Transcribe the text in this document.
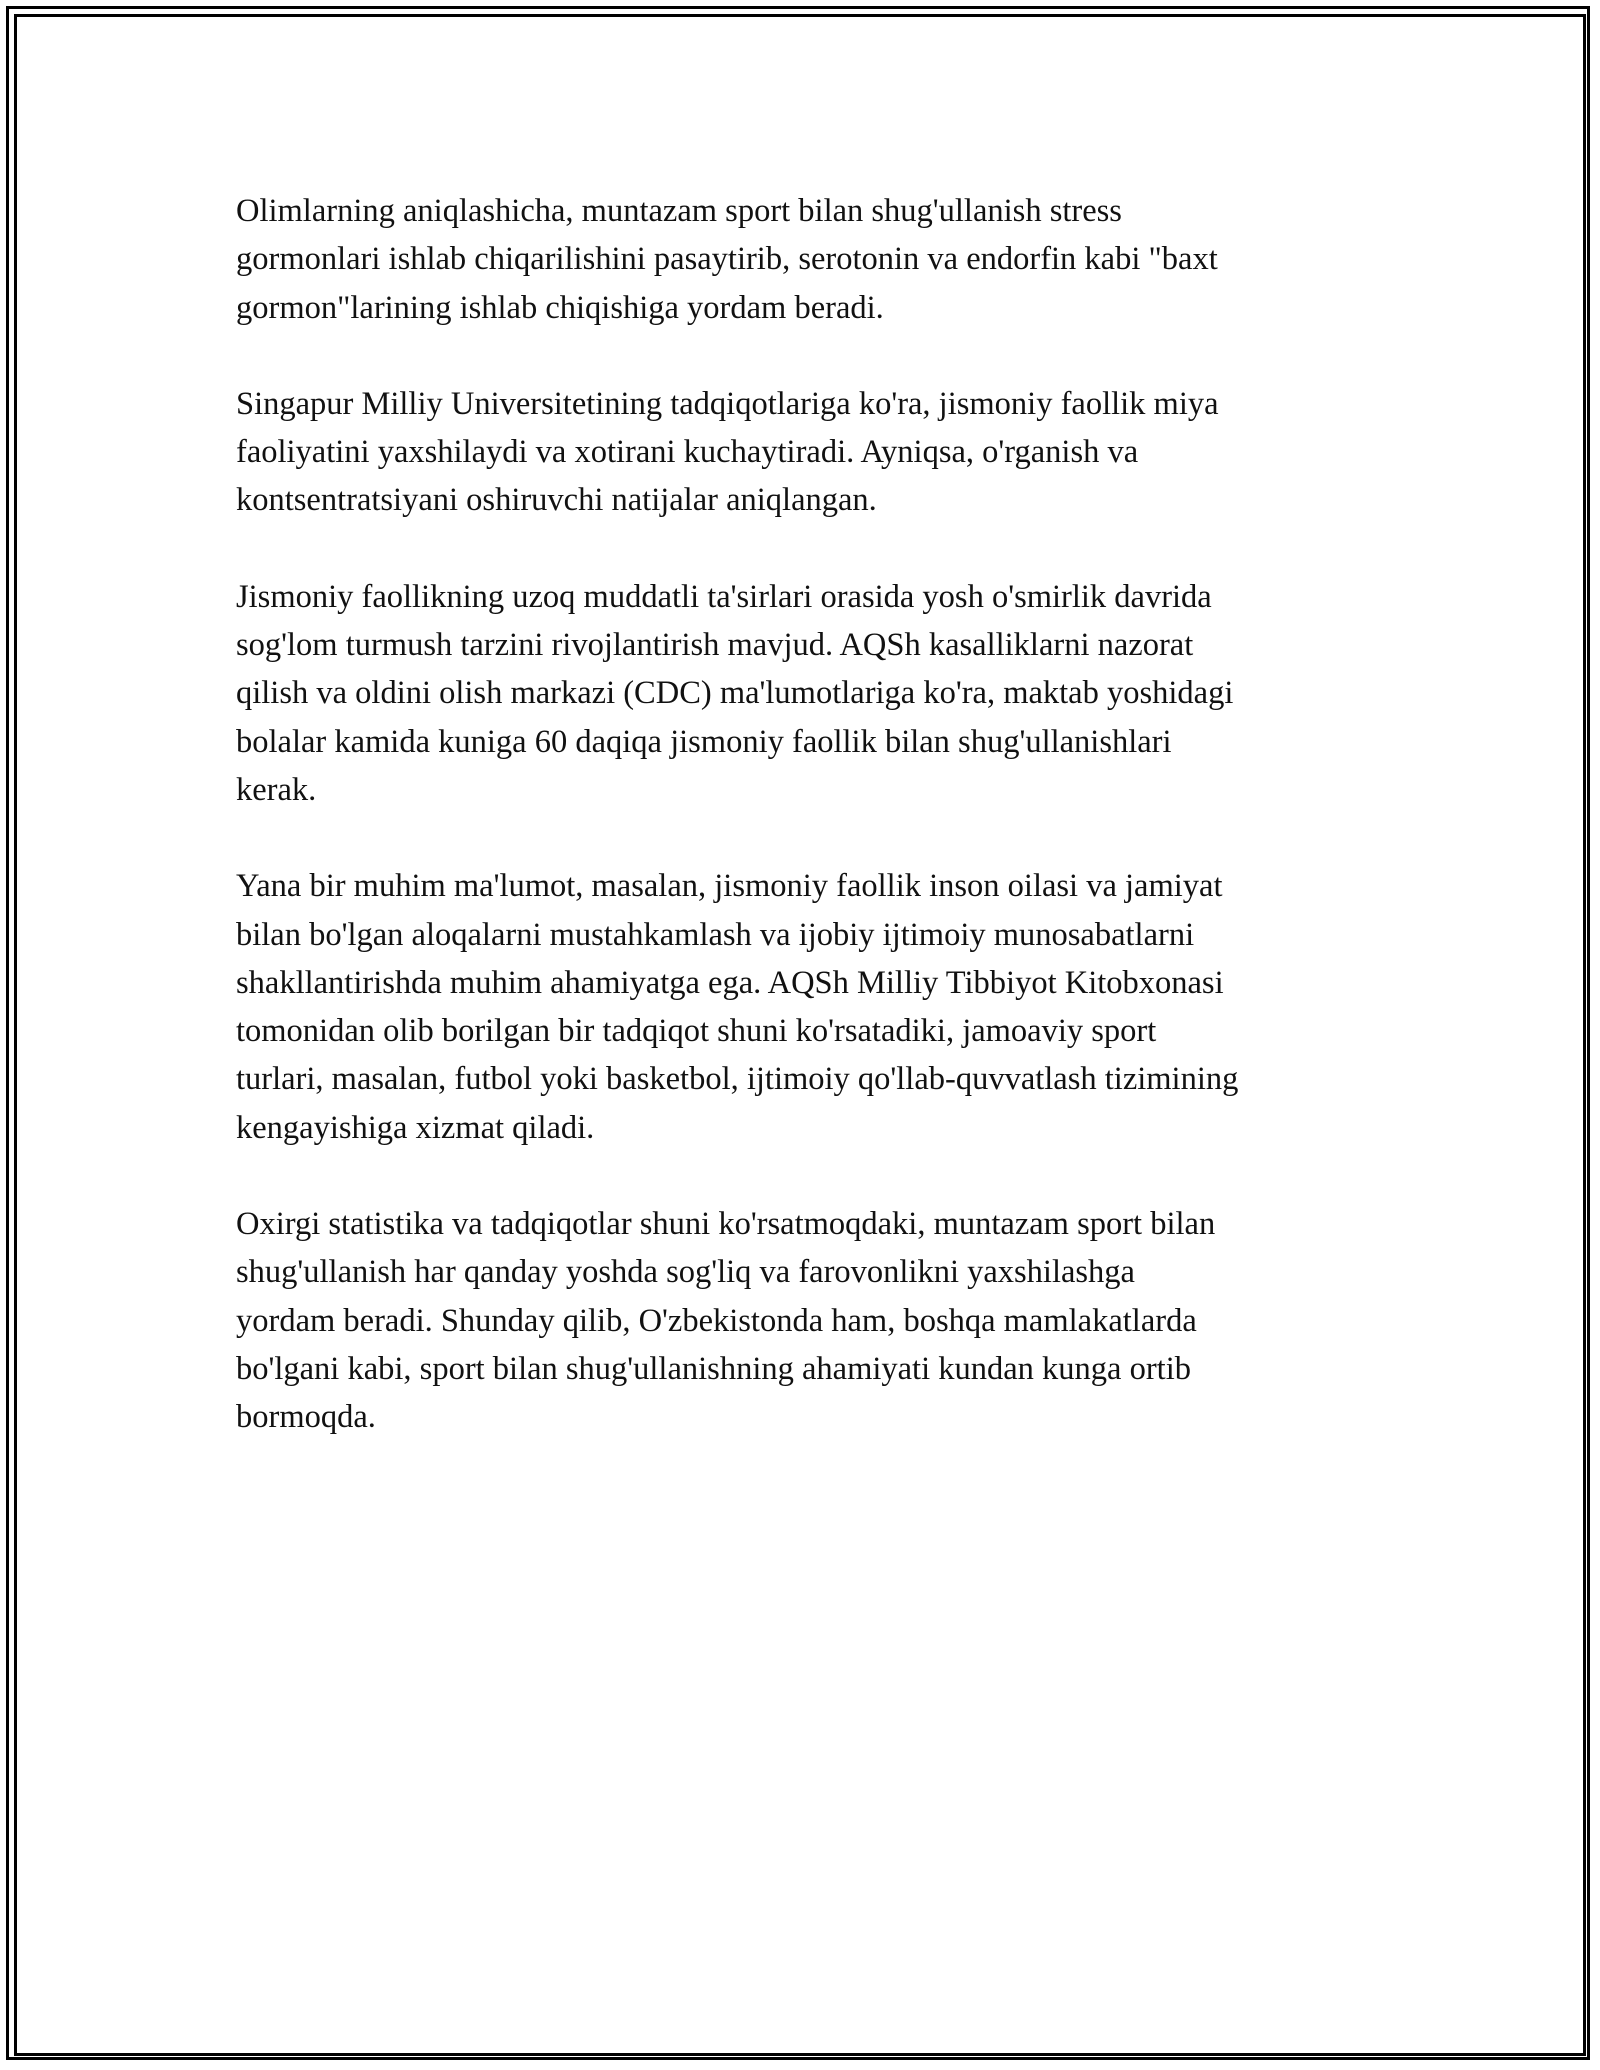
Olimlarning aniqlashicha, muntazam sport bilan shug'ullanish stress
gormonlari ishlab chiqarilishini pasaytirib, serotonin va endorfin kabi "baxt
gormon"larining ishlab chiqishiga yordam beradi.

Singapur Milliy Universitetining tadqiqotlariga ko'ra, jismoniy faollik miya
faoliyatini yaxshilaydi va xotirani kuchaytiradi. Ayniqsa, o'rganish va
kontsentratsiyani oshiruvchi natijalar aniqlangan.

Jismoniy faollikning uzoq muddatli ta'sirlari orasida yosh o'smirlik davrida
sog'lom turmush tarzini rivojlantirish mavjud. AQSh kasalliklarni nazorat
qilish va oldini olish markazi (CDC) ma'lumotlariga ko'ra, maktab yoshidagi
bolalar kamida kuniga 60 daqiqa jismoniy faollik bilan shug'ullanishlari
kerak.

Yana bir muhim ma'lumot, masalan, jismoniy faollik inson oilasi va jamiyat
bilan bo'lgan aloqalarni mustahkamlash va ijobiy ijtimoiy munosabatlarni
shakllantirishda muhim ahamiyatga ega. AQSh Milliy Tibbiyot Kitobxonasi
tomonidan olib borilgan bir tadqiqot shuni ko'rsatadiki, jamoaviy sport
turlari, masalan, futbol yoki basketbol, ijtimoiy qo'llab-quvvatlash tizimining
kengayishiga xizmat qiladi.

Oxirgi statistika va tadqiqotlar shuni ko'rsatmoqdaki, muntazam sport bilan
shug'ullanish har qanday yoshda sog'liq va farovonlikni yaxshilashga
yordam beradi. Shunday qilib, O'zbekistonda ham, boshqa mamlakatlarda
bo'lgani kabi, sport bilan shug'ullanishning ahamiyati kundan kunga ortib
bormoqda.
